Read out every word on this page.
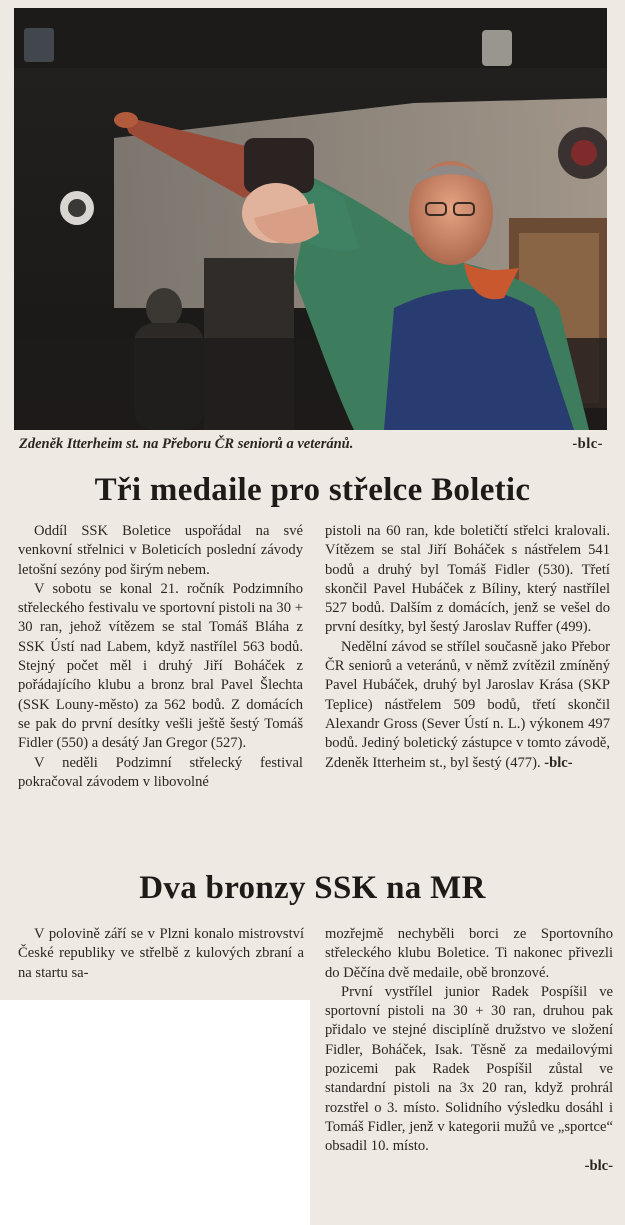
Zdeněk Itterheim st. na Přeboru ČR seniorů a veteránů.	-blc-
Tři medaile pro střelce Boletic

Oddíl SSK Boletice uspořádal na své venkovní střelnici v Boleticích poslední závody letošní sezóny pod širým nebem.

V sobotu se konal 21. ročník Podzimního střeleckého festivalu ve sportovní pistoli na 30 + 30 ran, jehož vítězem se stal Tomáš Bláha z SSK Ústí nad Labem, když nastřílel 563 bodů. Stejný počet měl i druhý Jiří Boháček z pořádajícího klubu a bronz bral Pavel Šlechta (SSK Louny-město) za 562 bodů. Z domácích se pak do první desítky vešli ještě šestý Tomáš Fidler (550) a desátý Jan Gregor (527).

V neděli Podzimní střelecký festival pokračoval závodem v libovolné

pistoli na 60 ran, kde boletičtí střelci kralovali. Vítězem se stal Jiří Boháček s nástřelem 541 bodů a druhý byl Tomáš Fidler (530). Třetí skončil Pavel Hubáček z Bíliny, který nastřílel 527 bodů. Dalším z domácích, jenž se vešel do první desítky, byl šestý Jaroslav Ruffer (499).

Nedělní závod se střílel současně jako Přebor ČR seniorů a veteránů, v němž zvítězil zmíněný Pavel Hubáček, druhý byl Jaroslav Krása (SKP Teplice) nástřelem 509 bodů, třetí skončil Alexandr Gross (Sever Ústí n. L.) výkonem 497 bodů. Jediný boletický zástupce v tomto závodě, Zdeněk Itterheim st., byl šestý (477). -blc-

Dva bronzy SSK na MR

V polovině září se v Plzni konalo mistrovství České republiky ve střelbě z kulových zbraní a na startu sa-

mozřejmě nechyběli borci ze Sportovního střeleckého klubu Boletice. Ti nakonec přivezli do Děčína dvě medaile, obě bronzové.

První vystřílel junior Radek Pospíšil ve sportovní pistoli na 30 + 30 ran, druhou pak přidalo ve stejné disciplíně družstvo ve složení Fidler, Boháček, Isak. Těsně za medailovými pozicemi pak Radek Pospíšil zůstal ve standardní pistoli na 3x 20 ran, když prohrál rozstřel o 3. místo. Solidního výsledku dosáhl i Tomáš Fidler, jenž v kategorii mužů ve „sportce“ obsadil 10. místo.

-blc-
